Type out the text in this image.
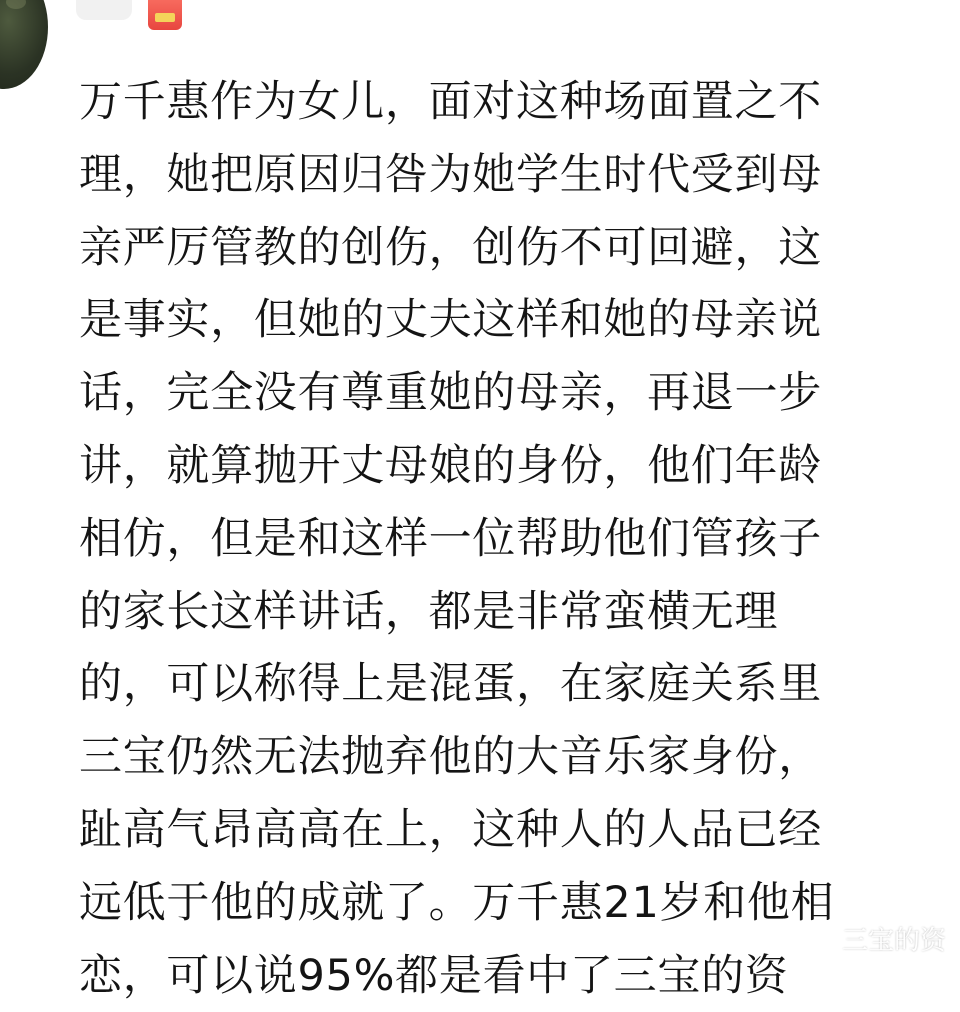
万千惠作为女儿，面对这种场面置之不
理，她把原因归咎为她学生时代受到母
亲严厉管教的创伤，创伤不可回避，这
是事实，但她的丈夫这样和她的母亲说
话，完全没有尊重她的母亲，再退一步
讲，就算抛开丈母娘的身份，他们年龄
相仿，但是和这样一位帮助他们管孩子
的家长这样讲话，都是非常蛮横无理
的，可以称得上是混蛋，在家庭关系里
三宝仍然无法抛弃他的大音乐家身份，
趾高气昂高高在上，这种人的人品已经
远低于他的成就了。万千惠21岁和他相
恋，可以说95%都是看中了三宝的资
三宝的资
